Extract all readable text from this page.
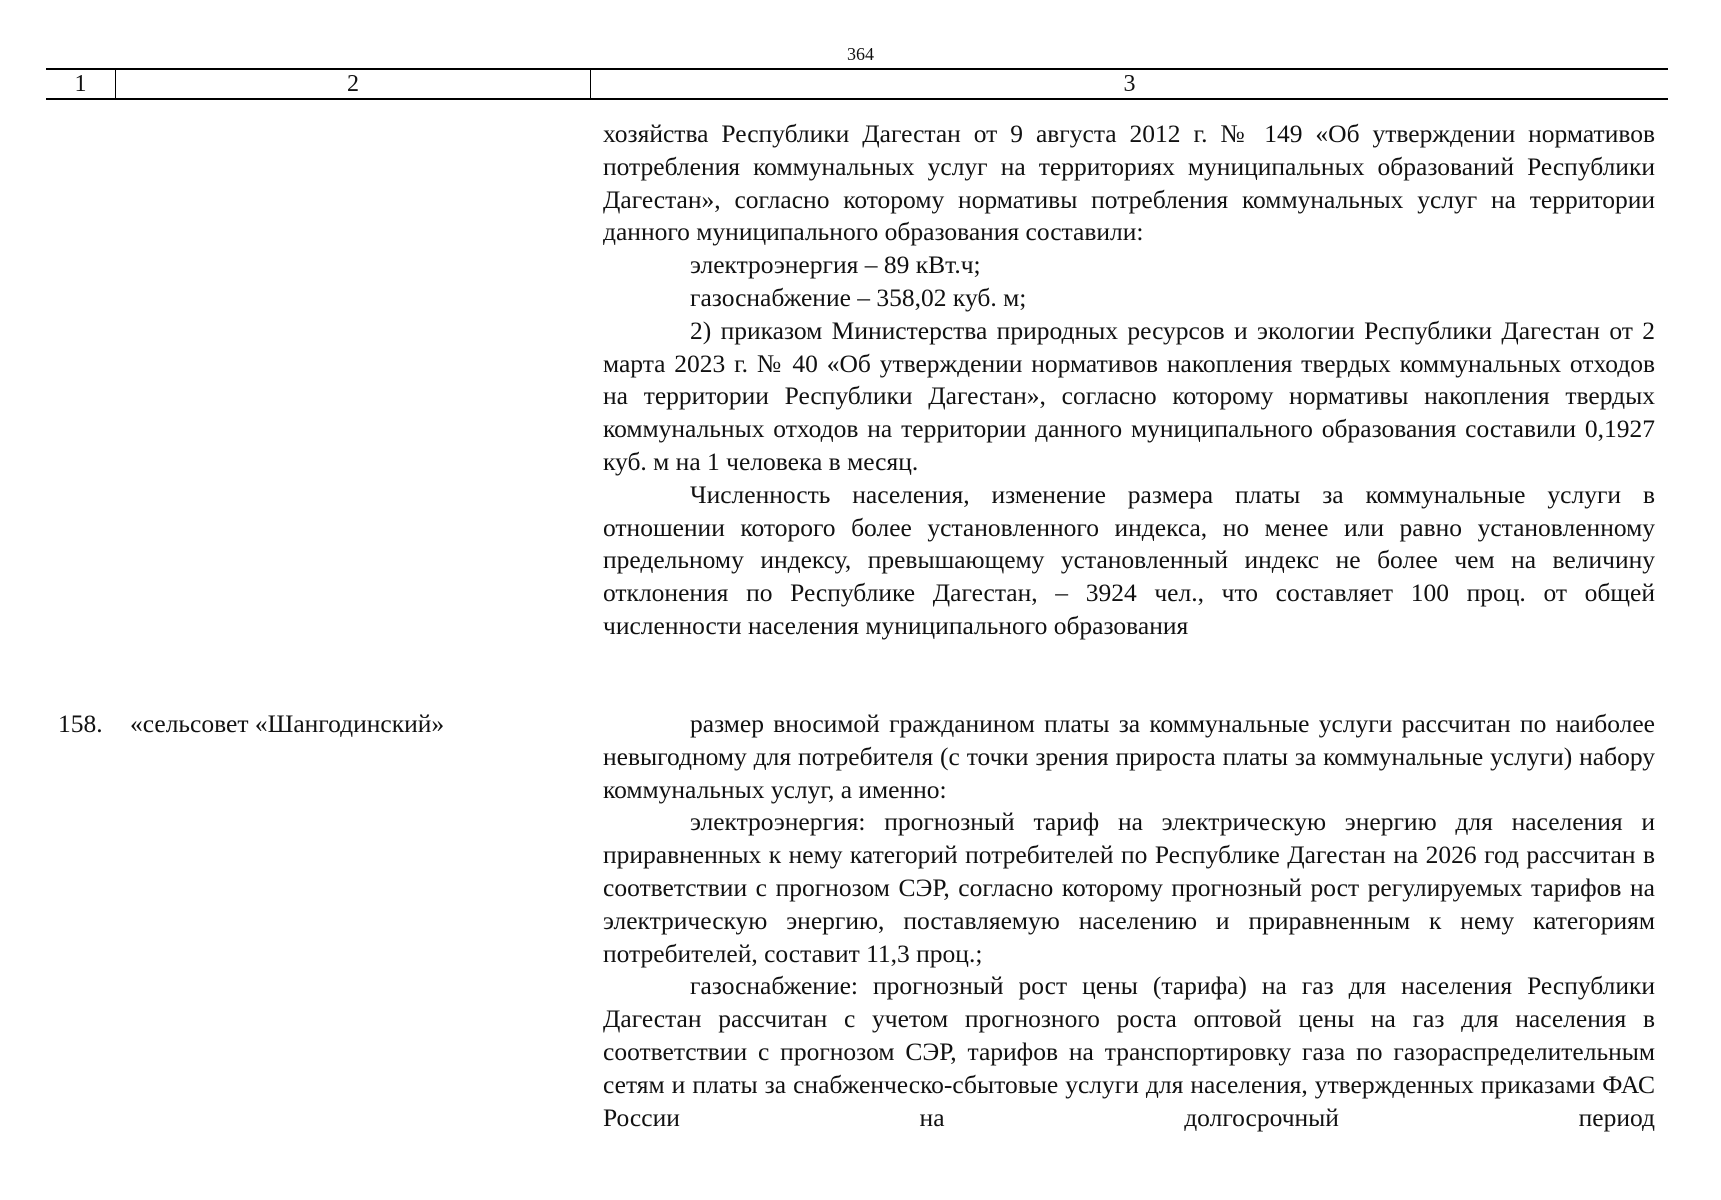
364
1	2	3

хозяйства Республики Дагестан от 9 августа 2012 г. № 149 «Об утверждении нормативов потребления коммунальных услуг на территориях муниципальных образований Республики Дагестан», согласно которому нормативы потребления коммунальных услуг на территории данного муниципального образования составили:

электроэнергия – 89 кВт.ч;

газоснабжение – 358,02 куб. м;

2) приказом Министерства природных ресурсов и экологии Республики Дагестан от 2 марта 2023 г. № 40 «Об утверждении нормативов накопления твердых коммунальных отходов на территории Республики Дагестан», согласно которому нормативы накопления твердых коммунальных отходов на территории данного муниципального образования составили 0,1927 куб. м на 1 человека в месяц.

Численность населения, изменение размера платы за коммунальные услуги в отношении которого более установленного индекса, но менее или равно установленному предельному индексу, превышающему установленный индекс не более чем на величину отклонения по Республике Дагестан, – 3924 чел., что составляет 100 проц. от общей численности населения муниципального образования

158. «сельсовет «Шангодинский»	размер вносимой гражданином платы за коммунальные услуги рассчитан по наиболее невыгодному для потребителя (с точки зрения прироста платы за коммунальные услуги) набору коммунальных услуг, а именно:

электроэнергия: прогнозный тариф на электрическую энергию для населения и приравненных к нему категорий потребителей по Республике Дагестан на 2026 год рассчитан в соответствии с прогнозом СЭР, согласно которому прогнозный рост регулируемых тарифов на электрическую энергию, поставляемую населению и приравненным к нему категориям потребителей, составит 11,3 проц.;

газоснабжение: прогнозный рост цены (тарифа) на газ для населения Республики Дагестан рассчитан с учетом прогнозного роста оптовой цены на газ для населения в соответствии с прогнозом СЭР, тарифов на транспортировку газа по газораспределительным сетям и платы за снабженческо-сбытовые услуги для населения, утвержденных приказами ФАС России на долгосрочный период
